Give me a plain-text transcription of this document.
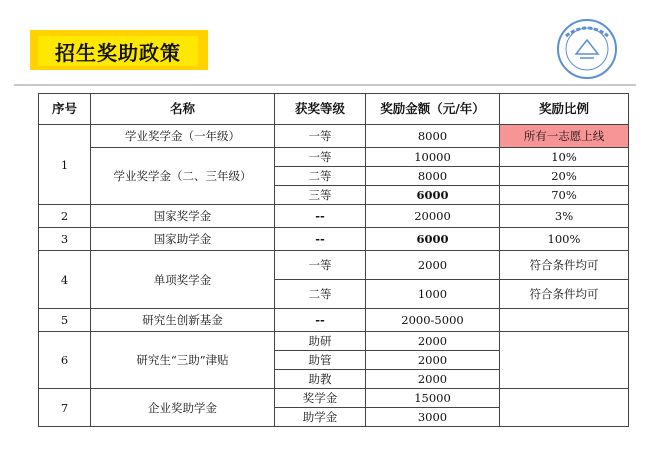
招生奖助政策
序号	名称	获奖等级	奖励金额（元/年）	奖励比例
1	学业奖学金（一年级）	一等	8000	所有一志愿上线
	学业奖学金（二、三年级）	一等	10000	10%
		二等	8000	20%
		三等	6000	70%
2	国家奖学金	--	20000	3%
3	国家助学金	--	6000	100%
4	单项奖学金	一等	2000	符合条件均可
		二等	1000	符合条件均可
5	研究生创新基金	--	2000-5000	
6	研究生“三助”津贴	助研	2000	
		助管	2000	
		助教	2000	
7	企业奖助学金	奖学金	15000	
		助学金	3000	
